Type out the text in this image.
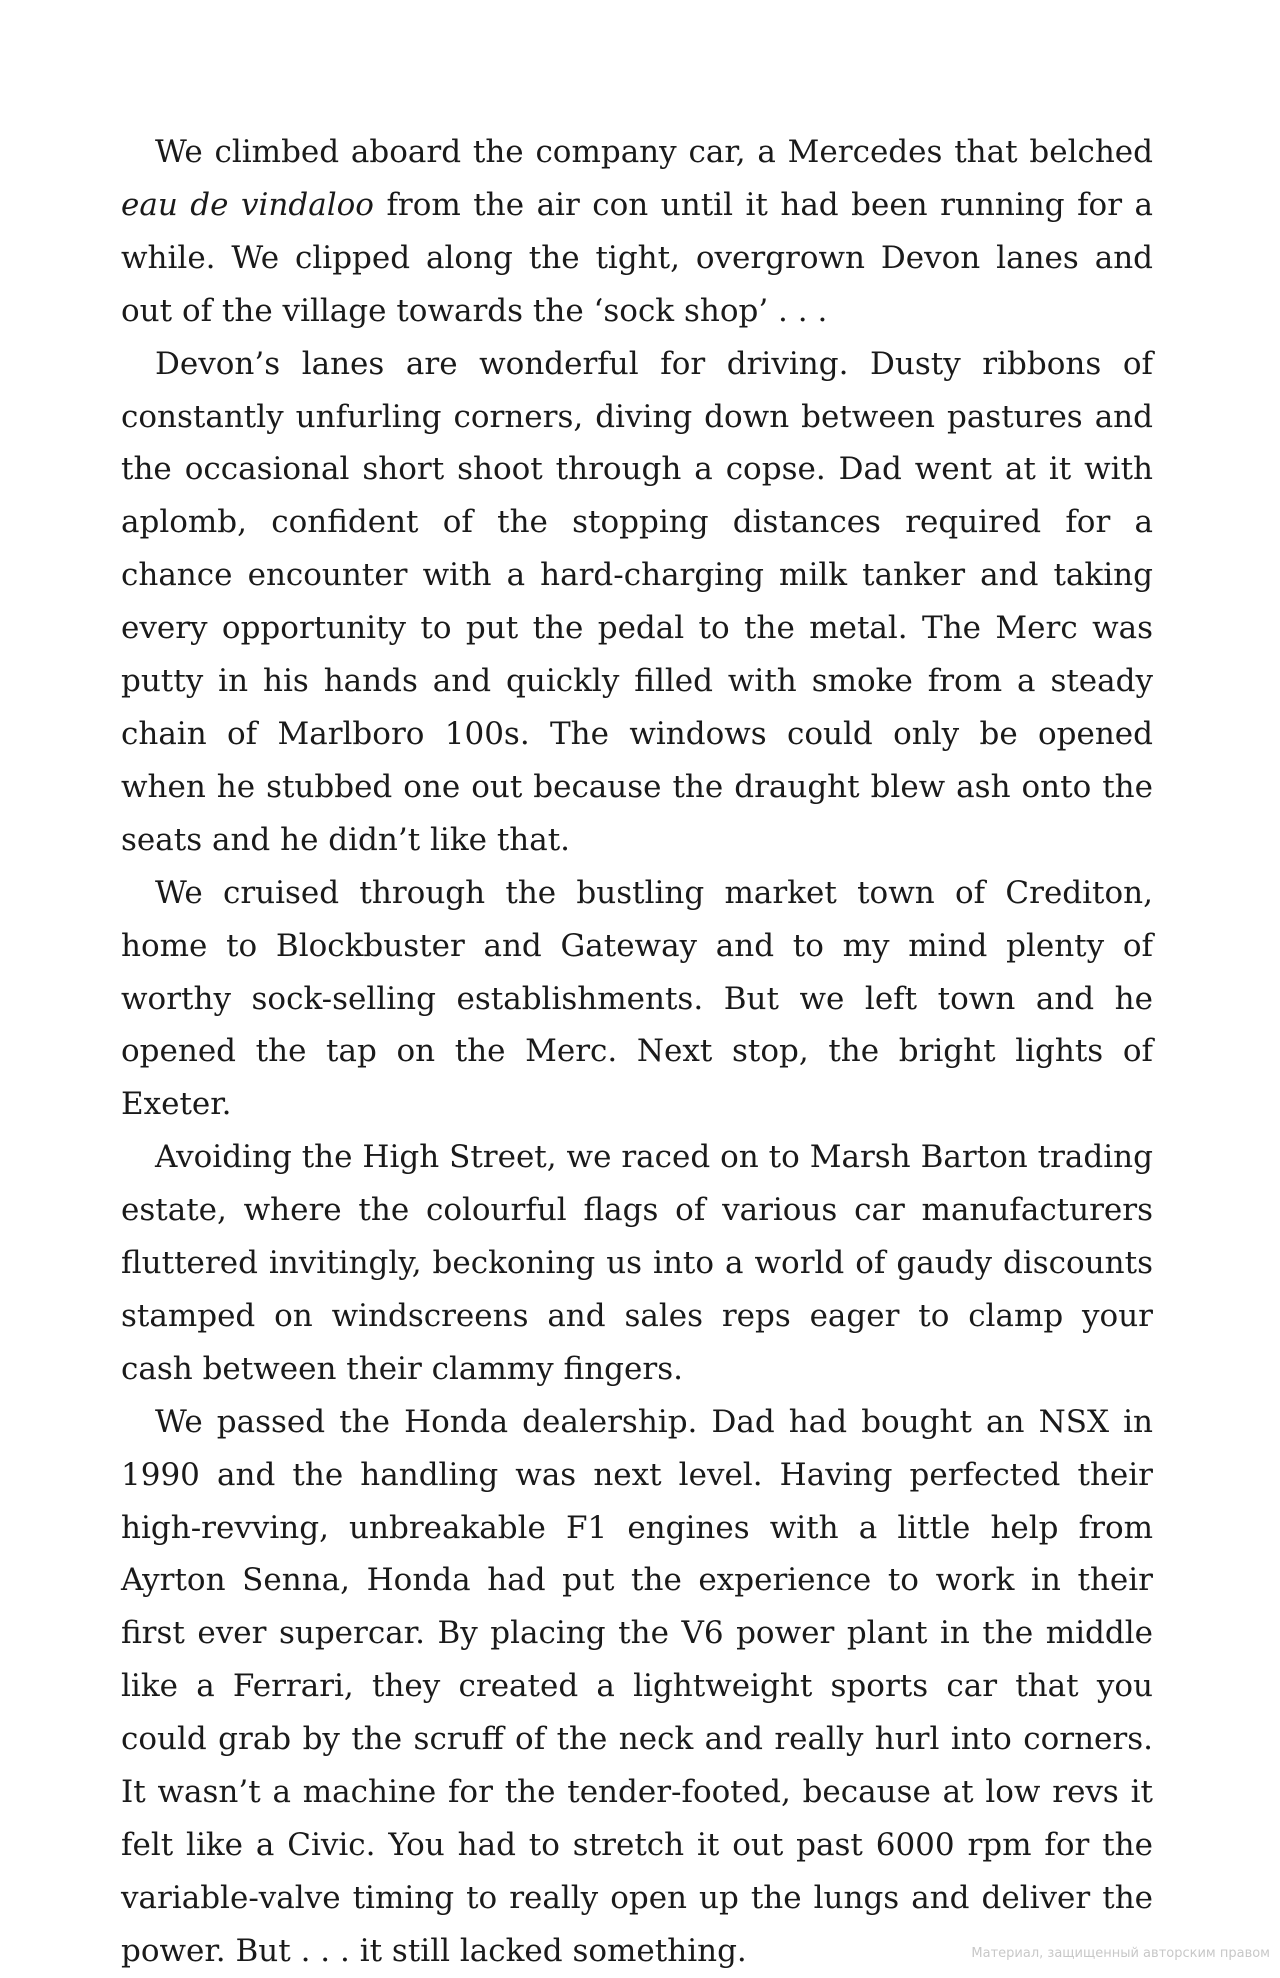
We climbed aboard the company car, a Mercedes that belched eau de vindaloo from the air con until it had been running for a while. We clipped along the tight, overgrown Devon lanes and out of the village towards the ‘sock shop’ . . .

Devon’s lanes are wonderful for driving. Dusty ribbons of constantly unfurling corners, diving down between pastures and the occasional short shoot through a copse. Dad went at it with aplomb, confident of the stopping distances required for a chance encounter with a hard-charging milk tanker and taking every opportunity to put the pedal to the metal. The Merc was putty in his hands and quickly filled with smoke from a steady chain of Marlboro 100s. The windows could only be opened when he stubbed one out because the draught blew ash onto the seats and he didn’t like that.

We cruised through the bustling market town of Crediton, home to Blockbuster and Gateway and to my mind plenty of worthy sock-selling establishments. But we left town and he opened the tap on the Merc. Next stop, the bright lights of Exeter.

Avoiding the High Street, we raced on to Marsh Barton trading estate, where the colourful flags of various car manufacturers fluttered invitingly, beckoning us into a world of gaudy discounts stamped on windscreens and sales reps eager to clamp your cash between their clammy fingers.

We passed the Honda dealership. Dad had bought an NSX in 1990 and the handling was next level. Having perfected their high-revving, unbreakable F1 engines with a little help from Ayrton Senna, Honda had put the experience to work in their first ever supercar. By placing the V6 power plant in the middle like a Ferrari, they created a lightweight sports car that you could grab by the scruff of the neck and really hurl into corners. It wasn’t a machine for the tender-footed, because at low revs it felt like a Civic. You had to stretch it out past 6000 rpm for the variable-valve timing to really open up the lungs and deliver the power. But . . . it still lacked something.	Материал, защищенный авторским правом
